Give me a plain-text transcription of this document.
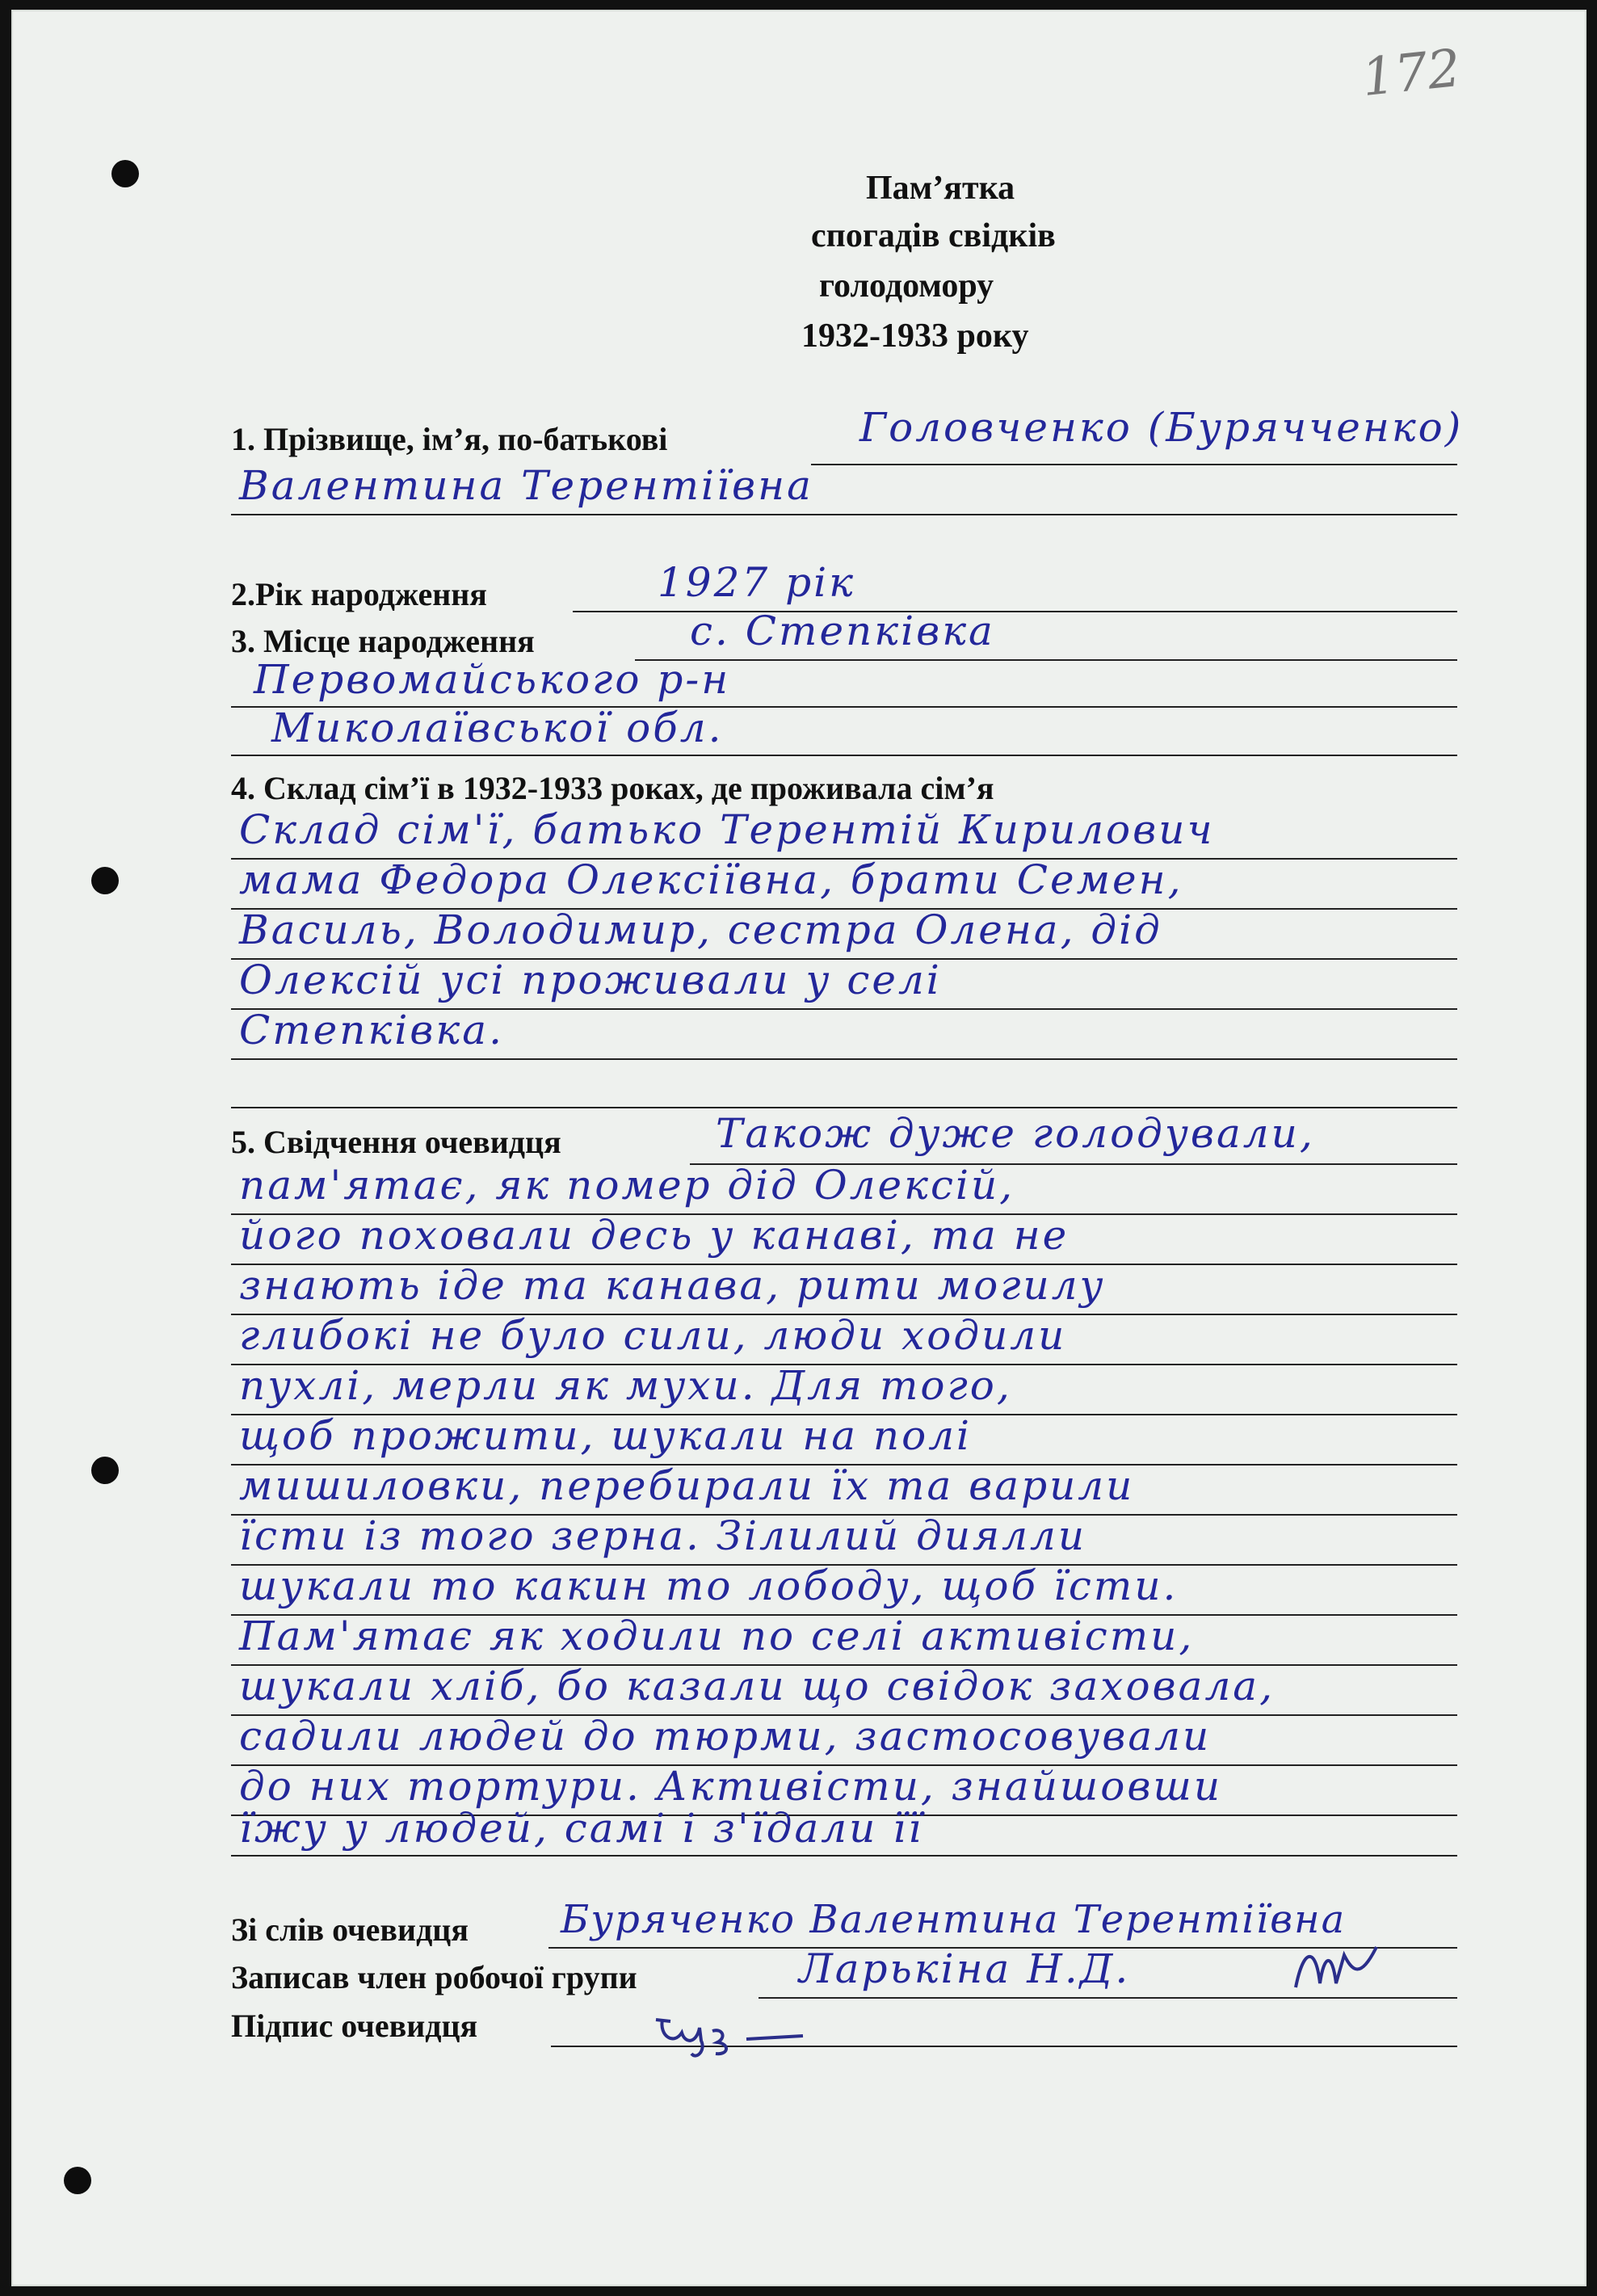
172
Пам’ятка
спогадів свідків
голодомору
1932-1933 року
1. Прізвище, ім’я, по-батькові	Головченко (Бурячченко)
Валентина Терентіївна
2.Рік народження	1927 рік
3. Місце народження	с. Степківка
Первомайського р-н
Миколаївської обл.
4. Склад сім’ї в 1932-1933 роках, де проживала сім’я
Склад сім'ї, батько Терентій Кирилович
мама Федора Олексіївна, брати Семен,
Василь, Володимир, сестра Олена, дід
Олексій усі проживали у селі
Степківка.
5. Свідчення очевидця	Також дуже голодували,
пам'ятає, як помер дід Олексій,
його поховали десь у канаві, та не
знають іде та канава, рити могилу
глибокі не було сили, люди ходили
пухлі, мерли як мухи. Для того,
щоб прожити, шукали на полі
мишиловки, перебирали їх та варили
їсти із того зерна. Зілилий диялли
шукали то какин то лободу, щоб їсти.
Пам'ятає як ходили по селі активісти,
шукали хліб, бо казали що свідок заховала,
садили людей до тюрми, застосовували
до них тортури. Активісти, знайшовши
їжу у людей, самі і з'їдали її
Зі слів очевидця Буряченко Валентина Терентіївна
Записав член робочої групи	Ларькіна Н.Д.
Підпис очевидця
